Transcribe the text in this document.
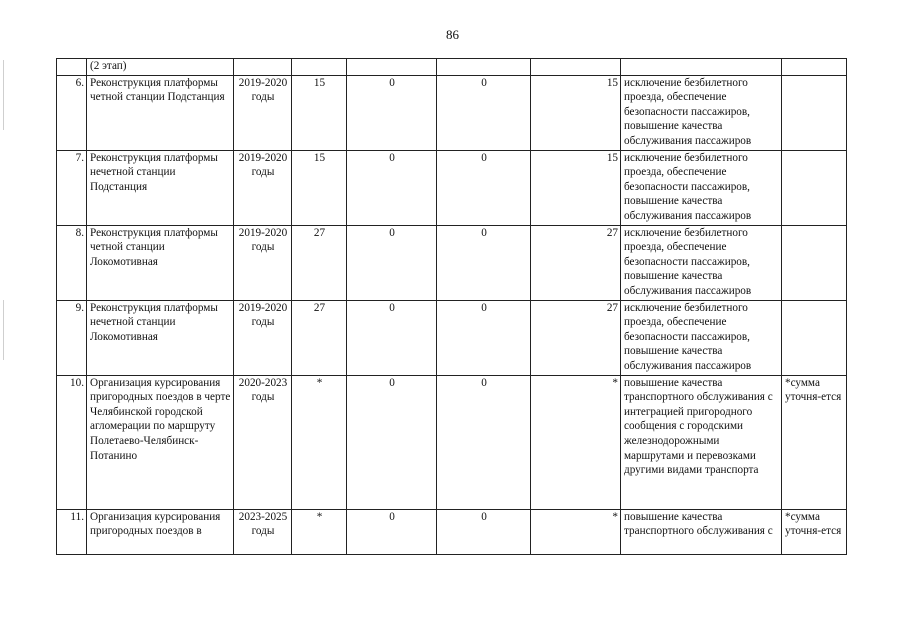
86
	(2 этап)							
6.	Реконструкция платформы четной станции Подстанция	2019-2020 годы	15	0	0	15	исключение безбилетного проезда, обеспечение безопасности пассажиров, повышение качества обслуживания пассажиров	
7.	Реконструкция платформы нечетной станции Подстанция	2019-2020 годы	15	0	0	15	исключение безбилетного проезда, обеспечение безопасности пассажиров, повышение качества обслуживания пассажиров	
8.	Реконструкция платформы четной станции Локомотивная	2019-2020 годы	27	0	0	27	исключение безбилетного проезда, обеспечение безопасности пассажиров, повышение качества обслуживания пассажиров	
9.	Реконструкция платформы нечетной станции Локомотивная	2019-2020 годы	27	0	0	27	исключение безбилетного проезда, обеспечение безопасности пассажиров, повышение качества обслуживания пассажиров	
10.	Организация курсирования пригородных поездов в черте Челябинской городской агломерации по маршруту Полетаево-Челябинск-Потанино	2020-2023 годы	*	0	0	*	повышение качества транспортного обслуживания с интеграцией пригородного сообщения с городскими железнодорожными маршрутами и перевозками другими видами транспорта	*сумма уточня-ется
11.	Организация курсирования пригородных поездов в	2023-2025 годы	*	0	0	*	повышение качества транспортного обслуживания с	*сумма уточня-ется
